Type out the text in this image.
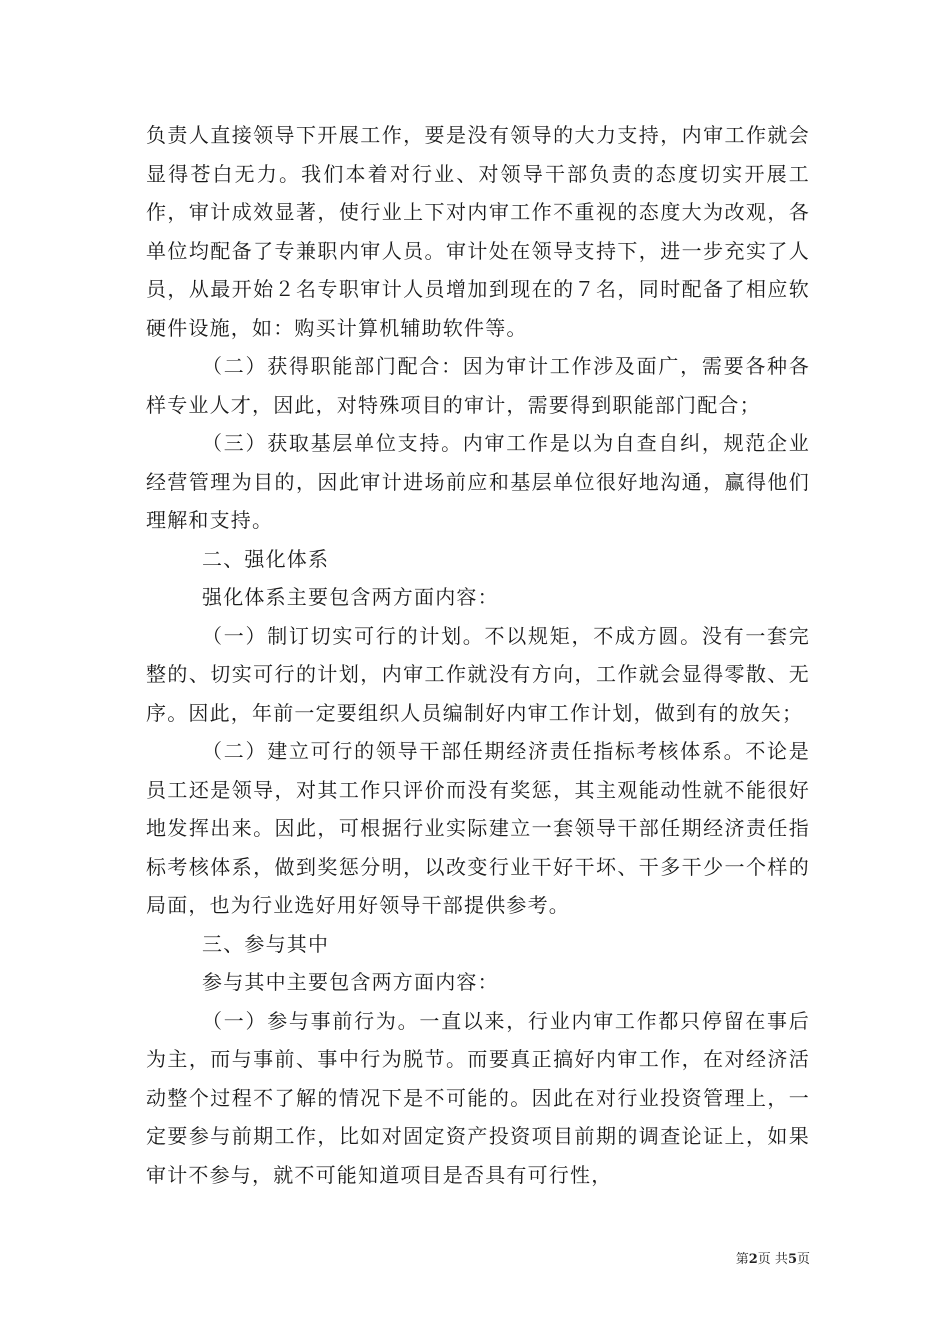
负责人直接领导下开展工作，要是没有领导的大力支持，内审工作就会显得苍白无力。我们本着对行业、对领导干部负责的态度切实开展工作，审计成效显著，使行业上下对内审工作不重视的态度大为改观，各单位均配备了专兼职内审人员。审计处在领导支持下，进一步充实了人员，从最开始２名专职审计人员增加到现在的７名，同时配备了相应软硬件设施，如：购买计算机辅助软件等。

（二）获得职能部门配合：因为审计工作涉及面广，需要各种各样专业人才，因此，对特殊项目的审计，需要得到职能部门配合；

（三）获取基层单位支持。内审工作是以为自查自纠，规范企业经营管理为目的，因此审计进场前应和基层单位很好地沟通，赢得他们理解和支持。

二、强化体系

强化体系主要包含两方面内容：

（一）制订切实可行的计划。不以规矩，不成方圆。没有一套完整的、切实可行的计划，内审工作就没有方向，工作就会显得零散、无序。因此，年前一定要组织人员编制好内审工作计划，做到有的放矢；

（二）建立可行的领导干部任期经济责任指标考核体系。不论是员工还是领导，对其工作只评价而没有奖惩，其主观能动性就不能很好地发挥出来。因此，可根据行业实际建立一套领导干部任期经济责任指标考核体系，做到奖惩分明，以改变行业干好干坏、干多干少一个样的局面，也为行业选好用好领导干部提供参考。

三、参与其中

参与其中主要包含两方面内容：

（一）参与事前行为。一直以来，行业内审工作都只停留在事后为主，而与事前、事中行为脱节。而要真正搞好内审工作，在对经济活动整个过程不了解的情况下是不可能的。因此在对行业投资管理上，一定要参与前期工作，比如对固定资产投资项目前期的调查论证上，如果审计不参与，就不可能知道项目是否具有可行性，

第2页 共5页
